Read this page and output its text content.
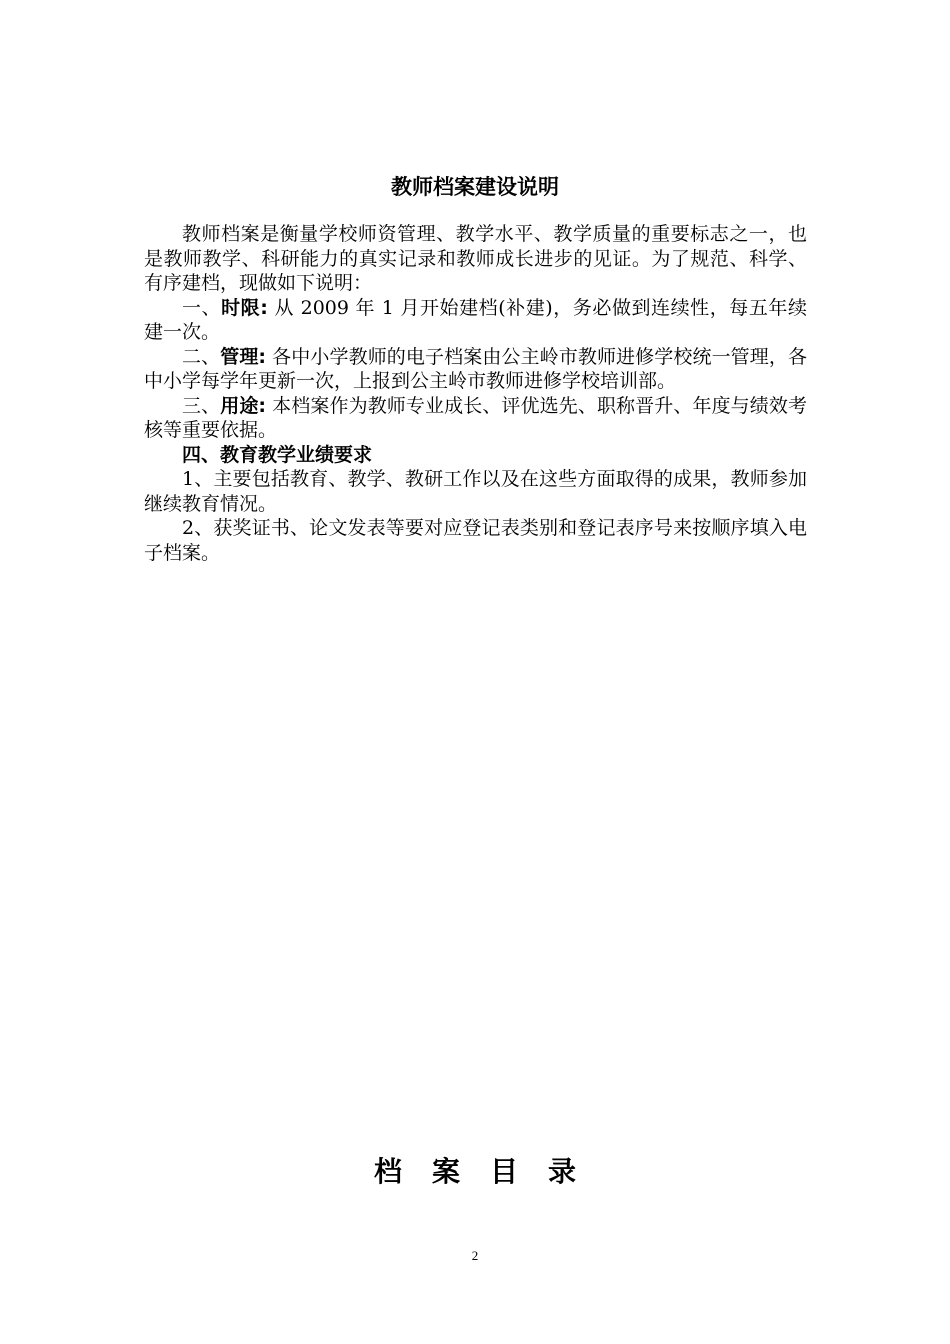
教师档案建设说明

教师档案是衡量学校师资管理、教学水平、教学质量的重要标志之一，也是教师教学、科研能力的真实记录和教师成长进步的见证。为了规范、科学、有序建档，现做如下说明：

一、时限: 从 2009 年 1 月开始建档(补建)，务必做到连续性，每五年续建一次。

二、管理: 各中小学教师的电子档案由公主岭市教师进修学校统一管理，各中小学每学年更新一次，上报到公主岭市教师进修学校培训部。

三、用途: 本档案作为教师专业成长、评优选先、职称晋升、年度与绩效考核等重要依据。

四、教育教学业绩要求

1、主要包括教育、教学、教研工作以及在这些方面取得的成果，教师参加继续教育情况。

2、获奖证书、论文发表等要对应登记表类别和登记表序号来按顺序填入电子档案。

档案目录
2
